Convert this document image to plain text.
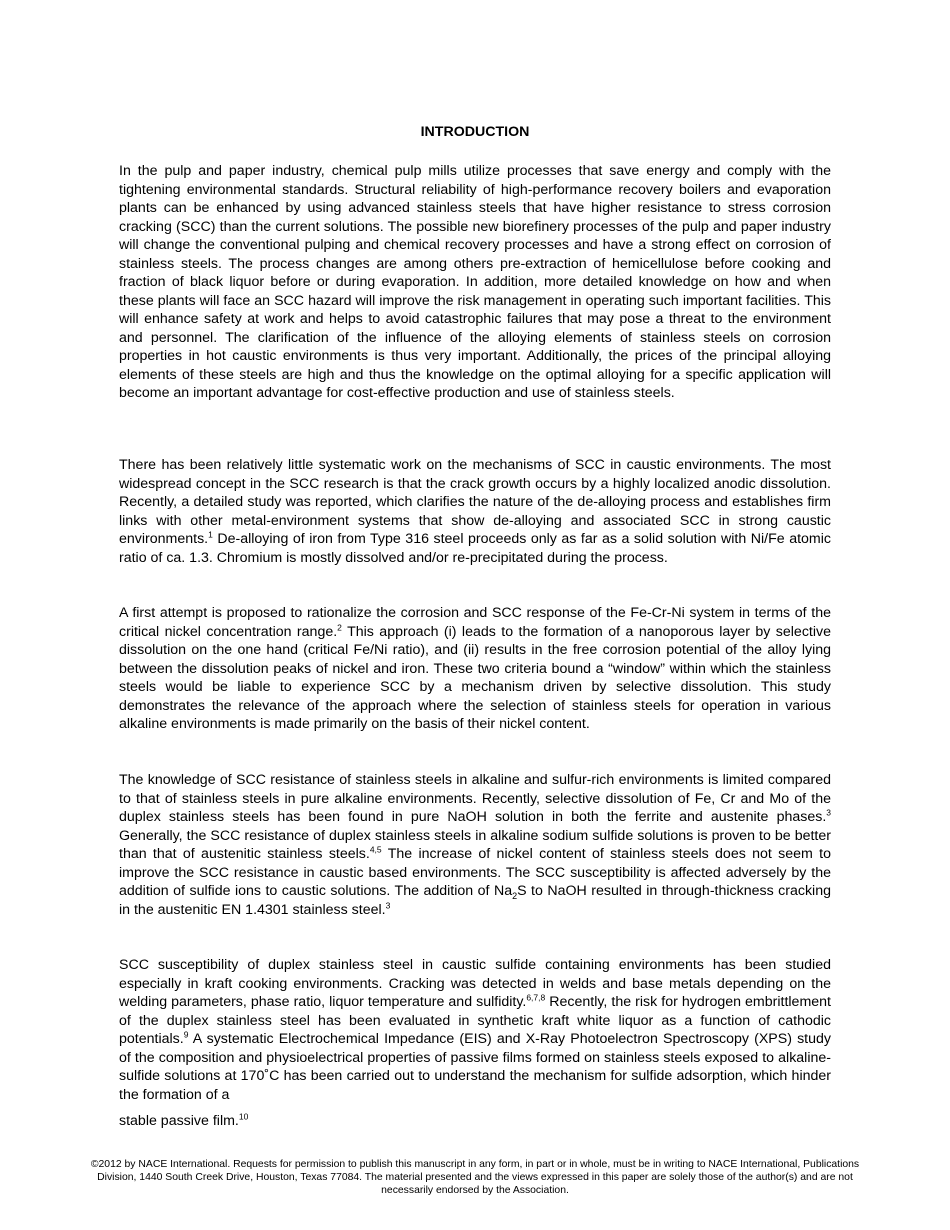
INTRODUCTION

In the pulp and paper industry, chemical pulp mills utilize processes that save energy and comply with the tightening environmental standards. Structural reliability of high-performance recovery boilers and evaporation plants can be enhanced by using advanced stainless steels that have higher resistance to stress corrosion cracking (SCC) than the current solutions. The possible new biorefinery processes of the pulp and paper industry will change the conventional pulping and chemical recovery processes and have a strong effect on corrosion of stainless steels. The process changes are among others pre-extraction of hemicellulose before cooking and fraction of black liquor before or during evaporation. In addition, more detailed knowledge on how and when these plants will face an SCC hazard will improve the risk management in operating such important facilities. This will enhance safety at work and helps to avoid catastrophic failures that may pose a threat to the environment and personnel. The clarification of the influence of the alloying elements of stainless steels on corrosion properties in hot caustic environments is thus very important. Additionally, the prices of the principal alloying elements of these steels are high and thus the knowledge on the optimal alloying for a specific application will become an important advantage for cost-effective production and use of stainless steels.

There has been relatively little systematic work on the mechanisms of SCC in caustic environments. The most widespread concept in the SCC research is that the crack growth occurs by a highly localized anodic dissolution. Recently, a detailed study was reported, which clarifies the nature of the de-alloying process and establishes firm links with other metal-environment systems that show de-alloying and associated SCC in strong caustic environments.$^1$ De-alloying of iron from Type 316 steel proceeds only as far as a solid solution with Ni/Fe atomic ratio of ca. 1.3. Chromium is mostly dissolved and/or re-precipitated during the process.

A first attempt is proposed to rationalize the corrosion and SCC response of the Fe-Cr-Ni system in terms of the critical nickel concentration range.$^2$ This approach (i) leads to the formation of a nanoporous layer by selective dissolution on the one hand (critical Fe/Ni ratio), and (ii) results in the free corrosion potential of the alloy lying between the dissolution peaks of nickel and iron. These two criteria bound a “window” within which the stainless steels would be liable to experience SCC by a mechanism driven by selective dissolution. This study demonstrates the relevance of the approach where the selection of stainless steels for operation in various alkaline environments is made primarily on the basis of their nickel content.

The knowledge of SCC resistance of stainless steels in alkaline and sulfur-rich environments is limited compared to that of stainless steels in pure alkaline environments. Recently, selective dissolution of Fe, Cr and Mo of the duplex stainless steels has been found in pure NaOH solution in both the ferrite and austenite phases.$^3$ Generally, the SCC resistance of duplex stainless steels in alkaline sodium sulfide solutions is proven to be better than that of austenitic stainless steels.$^{4,5}$ The increase of nickel content of stainless steels does not seem to improve the SCC resistance in caustic based environments. The SCC susceptibility is affected adversely by the addition of sulfide ions to caustic solutions. The addition of $Na_2S$ to NaOH resulted in through-thickness cracking in the austenitic EN 1.4301 stainless steel.$^3$

SCC susceptibility of duplex stainless steel in caustic sulfide containing environments has been studied especially in kraft cooking environments. Cracking was detected in welds and base metals depending on the welding parameters, phase ratio, liquor temperature and sulfidity.$^{6,7,8}$ Recently, the risk for hydrogen embrittlement of the duplex stainless steel has been evaluated in synthetic kraft white liquor as a function of cathodic potentials.$^9$ A systematic Electrochemical Impedance (EIS) and X-Ray Photoelectron Spectroscopy (XPS) study of the composition and physioelectrical properties of passive films formed on stainless steels exposed to alkaline-sulfide solutions at 170˚C has been carried out to understand the mechanism for sulfide adsorption, which hinder the formation of a
stable passive film.$^{10}$

©2012 by NACE International. Requests for permission to publish this manuscript in any form, in part or in whole, must be in writing to NACE International, Publications Division, 1440 South Creek Drive, Houston, Texas 77084. The material presented and the views expressed in this paper are solely those of the author(s) and are not necessarily endorsed by the Association.
